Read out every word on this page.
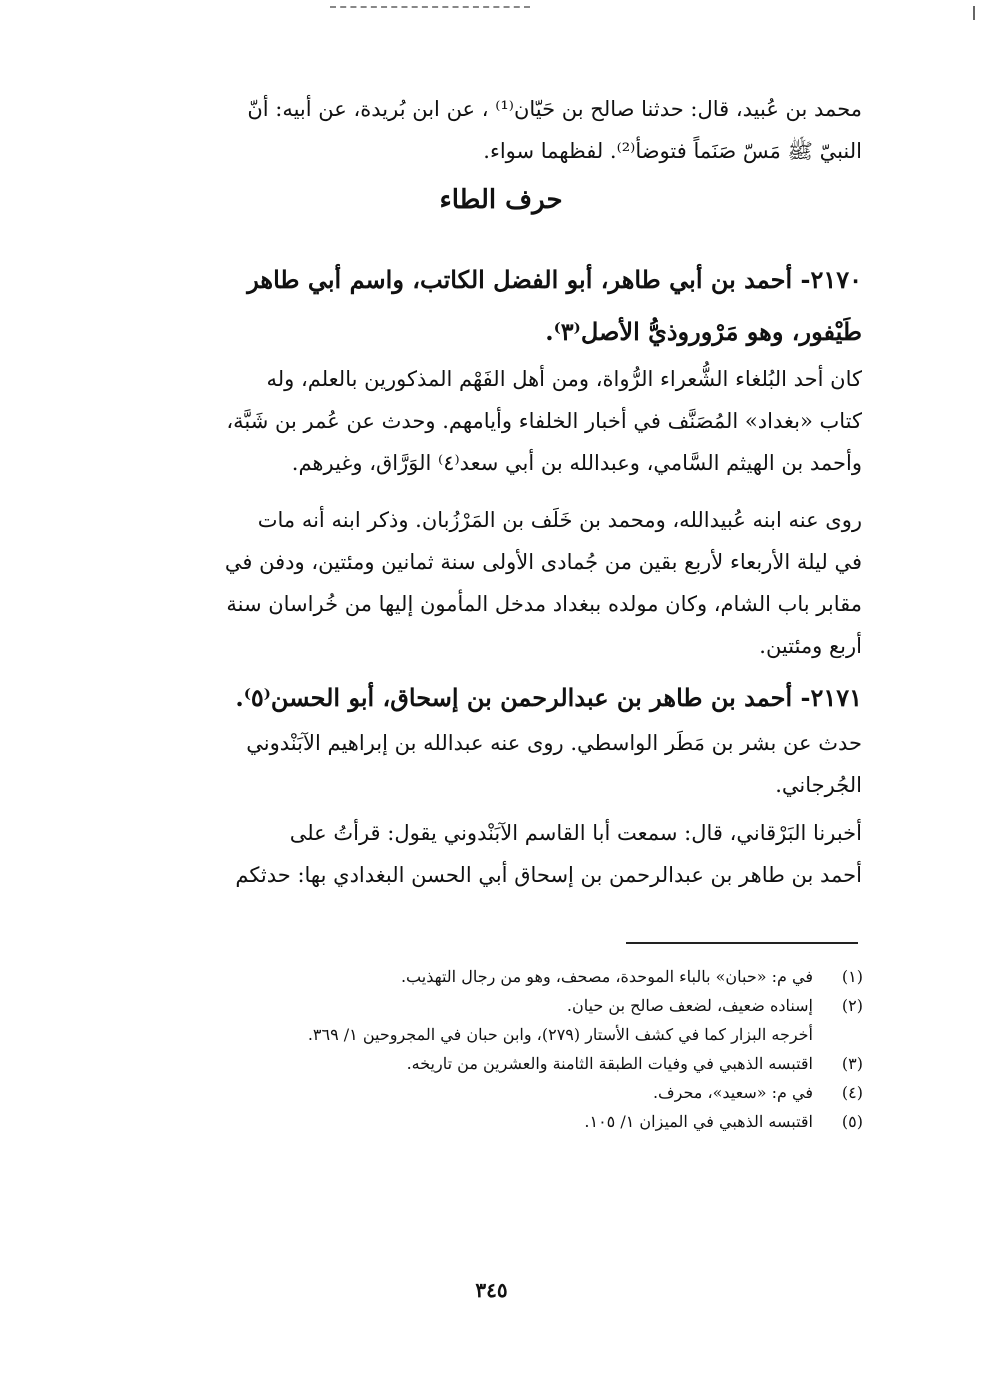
محمد بن عُبيد، قال: حدثنا صالح بن حَيّان⁽¹⁾ ، عن ابن بُريدة، عن أبيه: أنّ
النبيّ ﷺ مَسّ صَنَماً فتوضأ⁽²⁾. لفظهما سواء.
حرف الطاء
٢١٧٠- أحمد بن أبي طاهر، أبو الفضل الكاتب، واسم أبي طاهر
طَيْفور، وهو مَرْوروذيُّ الأصل⁽٣⁾.
كان أحد البُلغاء الشُّعراء الرُّواة، ومن أهل الفَهْم المذكورين بالعلم، وله
كتاب «بغداد» المُصَنَّف في أخبار الخلفاء وأيامهم. وحدث عن عُمر بن شَبَّة،
وأحمد بن الهيثم السَّامي، وعبدالله بن أبي سعد⁽٤⁾ الوَرَّاق، وغيرهم.
روى عنه ابنه عُبيدالله، ومحمد بن خَلَف بن المَرْزُبان. وذكر ابنه أنه مات
في ليلة الأربعاء لأربع بقين من جُمادى الأولى سنة ثمانين ومئتين، ودفن في
مقابر باب الشام، وكان مولده ببغداد مدخل المأمون إليها من خُراسان سنة
أربع ومئتين.
٢١٧١- أحمد بن طاهر بن عبدالرحمن بن إسحاق، أبو الحسن⁽٥⁾.
حدث عن بشر بن مَطَر الواسطي. روى عنه عبدالله بن إبراهيم الآبَنْدوني
الجُرجاني.
أخبرنا البَرْقاني، قال: سمعت أبا القاسم الآبَنْدوني يقول: قرأتُ على
أحمد بن طاهر بن عبدالرحمن بن إسحاق أبي الحسن البغدادي بها: حدثكم
(١)في م: «حبان» بالباء الموحدة، مصحف، وهو من رجال التهذيب.
(٢)إسناده ضعيف، لضعف صالح بن حيان.
أخرجه البزار كما في كشف الأستار (٢٧٩)، وابن حبان في المجروحين ١/ ٣٦٩.
(٣)اقتبسه الذهبي في وفيات الطبقة الثامنة والعشرين من تاريخه.
(٤)في م: «سعيد»، محرف.
(٥)اقتبسه الذهبي في الميزان ١/ ١٠٥.
٣٤٥
